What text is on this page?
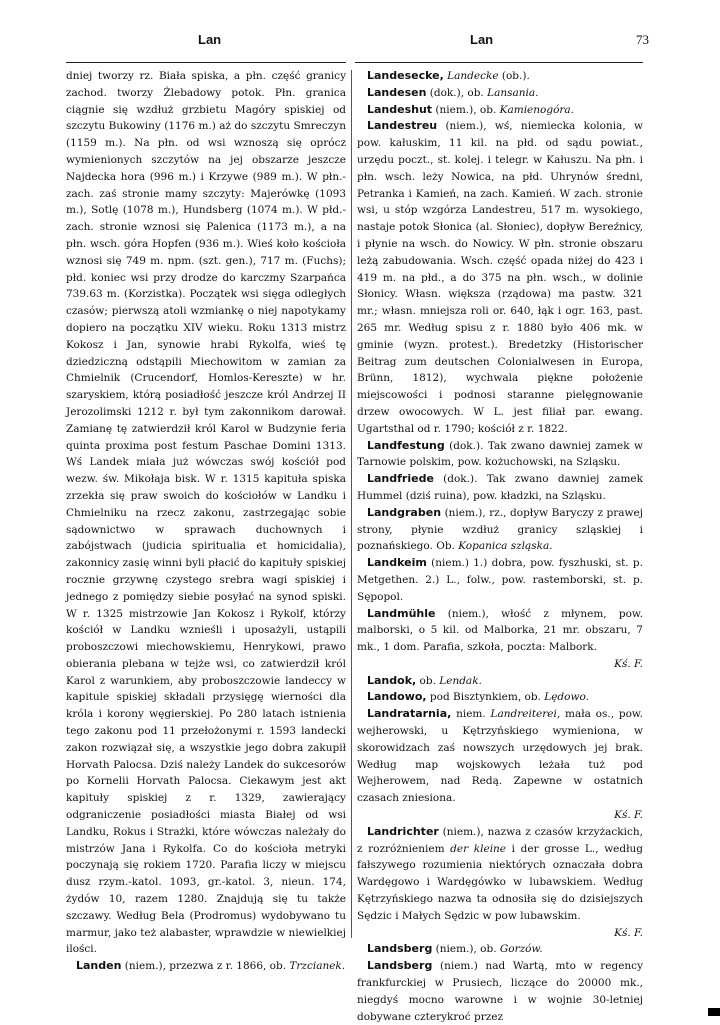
Lan	Lan	73

dniej tworzy rz. Biała spiska, a płn. część granicy zachod. tworzy Żlebadowy potok. Płn. granica ciągnie się wzdłuż grzbietu Magóry spiskiej od szczytu Bukowiny (1176 m.) aż do szczytu Smreczyn (1159 m.). Na płn. od wsi wznoszą się oprócz wymienionych szczytów na jej obszarze jeszcze Najdecka hora (996 m.) i Krzywe (989 m.). W płn.-zach. zaś stronie mamy szczyty: Majerówkę (1093 m.), Sotlę (1078 m.), Hundsberg (1074 m.). W płd.-zach. stronie wznosi się Palenica (1173 m.), a na płn. wsch. góra Hopfen (936 m.). Wieś koło kościoła wznosi się 749 m. npm. (szt. gen.), 717 m. (Fuchs); płd. koniec wsi przy drodze do karczmy Szarpańca 739.63 m. (Korzistka). Początek wsi sięga odległych czasów; pierwszą atoli wzmiankę o niej napotykamy dopiero na początku XIV wieku. Roku 1313 mistrz Kokosz i Jan, synowie hrabi Rykolfa, wieś tę dziedziczną odstąpili Miechowitom w zamian za Chmielnik (Crucendorf, Homlos-Kereszte) w hr. szaryskiem, którą posiadłość jeszcze król Andrzej II Jerozolimski 1212 r. był tym zakonnikom darował. Zamianę tę zatwierdził król Karol w Budzynie feria quinta proxima post festum Paschae Domini 1313. Wś Landek miała już wówczas swój kościół pod wezw. św. Mikołaja bisk. W r. 1315 kapituła spiska zrzekła się praw swoich do kościołów w Landku i Chmielniku na rzecz zakonu, zastrzegając sobie sądownictwo w sprawach duchownych i zabójstwach (judicia spiritualia et homicidalia), zakonnicy zasię winni byli płacić do kapituły spiskiej rocznie grzywnę czystego srebra wagi spiskiej i jednego z pomiędzy siebie posyłać na synod spiski. W r. 1325 mistrzowie Jan Kokosz i Rykolf, którzy kościół w Landku wznieśli i uposażyli, ustąpili proboszczowi miechowskiemu, Henrykowi, prawo obierania plebana w tejże wsi, co zatwierdził król Karol z warunkiem, aby proboszczowie landeccy w kapitule spiskiej składali przysięgę wierności dla króla i korony węgierskiej. Po 280 latach istnienia tego zakonu pod 11 przełożonymi r. 1593 landecki zakon rozwiązał się, a wszystkie jego dobra zakupił Horvath Palocsa. Dziś należy Landek do sukcesorów po Kornelii Horvath Palocsa. Ciekawym jest akt kapituły spiskiej z r. 1329, zawierający odgraniczenie posiadłości miasta Białej od wsi Landku, Rokus i Strażki, które wówczas należały do mistrzów Jana i Rykolfa. Co do kościoła metrykі poczynają się rokiem 1720. Parafia liczy w miejscu dusz rzym.-katol. 1093, gr.-katol. 3, nieun. 174, żydów 10, razem 1280. Znajdują się tu także szczawy. Według Bela (Prodromus) wydobywano tu marmur, jako też alabaster, wprawdzie w niewielkiej ilości.

Landen (niem.), przezwa z r. 1866, ob. Trzcianek.

Landesecke, Landecke (ob.).

Landesen (dok.), ob. Lansania.

Landeshut (niem.), ob. Kamienogóra.

Landestreu (niem.), wś, niemiecka kolonia, w pow. kałuskim, 11 kil. na płd. od sądu powiat., urzędu poczt., st. kolej. i telegr. w Kałuszu. Na płn. i płn. wsch. leży Nowica, na płd. Uhrynów średni, Petranka i Kamień, na zach. Kamień. W zach. stronie wsi, u stóp wzgórza Landestreu, 517 m. wysokiego, nastaje potok Słonica (al. Słoniec), dopływ Bereźnicy, i płynie na wsch. do Nowicy. W płn. stronie obszaru leżą zabudowania. Wsch. część opada niżej do 423 i 419 m. na płd., a do 375 na płn. wsch., w dolinie Słonicy. Własn. większa (rządowa) ma pastw. 321 mr.; własn. mniejsza roli or. 640, łąk i ogr. 163, past. 265 mr. Według spisu z r. 1880 było 406 mk. w gminie (wyzn. protest.). Bredetzky (Historischer Beitrag zum deutschen Colonialwesen in Europa, Brünn, 1812), wychwala piękne położenie miejscowości i podnosi staranne pielęgnowanie drzew owocowych. W L. jest filiał par. ewang. Ugartsthal od r. 1790; kościół z r. 1822.

Landfestung (dok.). Tak zwano dawniej zamek w Tarnowie polskim, pow. kożuchowski, na Szląsku.

Landfriede (dok.). Tak zwano dawniej zamek Hummel (dziś ruina), pow. kładzki, na Szląsku.

Landgraben (niem.), rz., dopływ Baryczy z prawej strony, płynie wzdłuż granicy szląskiej i poznańskiego. Ob. Kopanica szląska.

Landkeim (niem.) 1.) dobra, pow. fyszhuski, st. p. Metgethen. 2.) L., folw., pow. rastemborski, st. p. Sępopol.

Landmühle (niem.), włość z młynem, pow. malborski, o 5 kil. od Malborka, 21 mr. obszaru, 7 mk., 1 dom. Parafia, szkoła, poczta: Malbork.
Kś. F.

Landok, ob. Lendak.

Landowo, pod Bisztynkiem, ob. Lędowo.

Landratarnia, niem. Landreiterei, mała os., pow. wejherowski, u Kętrzyńskiego wymieniona, w skorowidzach zaś nowszych urzędowych jej brak. Według map wojskowych leżała tuż pod Wejherowem, nad Redą. Zapewne w ostatnich czasach zniesiona.
Kś. F.

Landrichter (niem.), nazwa z czasów krzyżackich, z rozróżnieniem der kleine i der grosse L., według fałszywego rozumienia niektórych oznaczała dobra Wardęgowo i Wardęgówko w lubawskiem. Według Kętrzyńskiego nazwa ta odnosiła się do dzisiejszych Sędzic i Małych Sędzic w pow lubawskim.
Kś. F.

Landsberg (niem.), ob. Gorzów.

Landsberg (niem.) nad Wartą, mto w regency frankfurckiej w Prusiech, liczące do 20000 mk., niegdyś mocno warowne i w wojnie 30-letniej dobywane czterykroć przez
